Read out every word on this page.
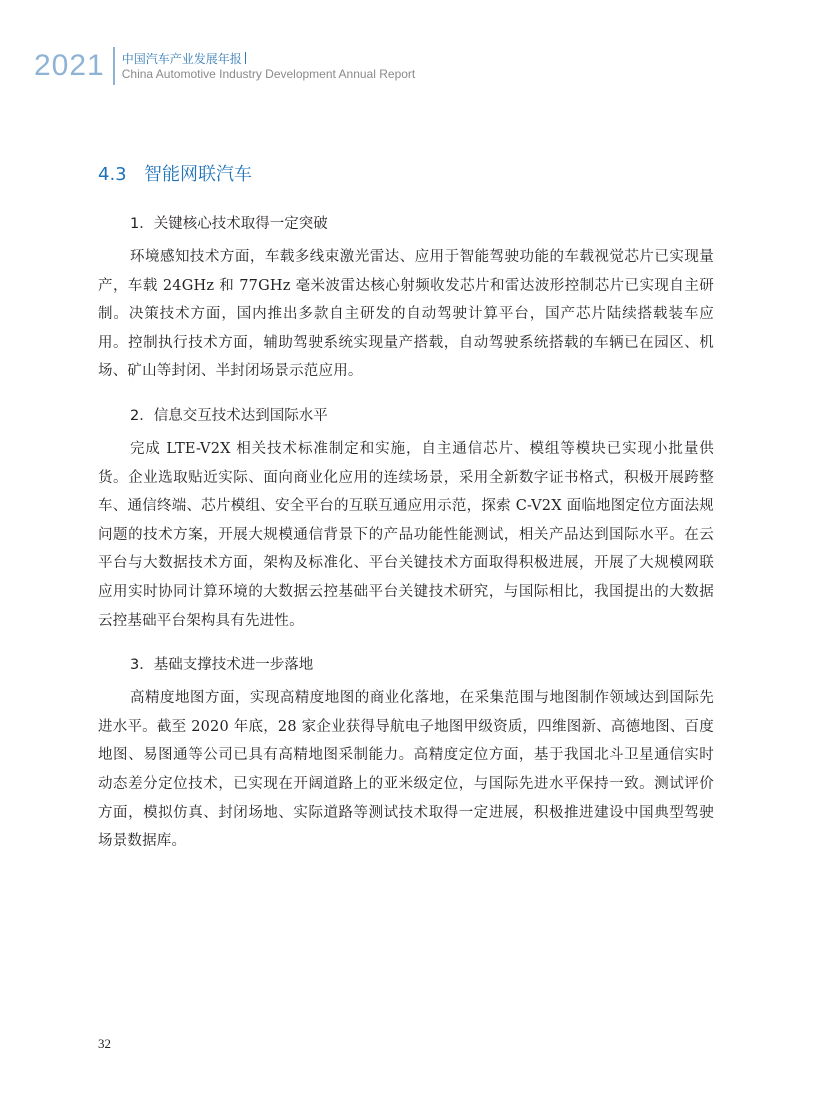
2021 中国汽车产业发展年报
China Automotive Industry Development Annual Report
4.3 智能网联汽车
1．关键核心技术取得一定突破

环境感知技术方面，车载多线束激光雷达、应用于智能驾驶功能的车载视觉芯片已实现量产，车载 24GHz 和 77GHz 毫米波雷达核心射频收发芯片和雷达波形控制芯片已实现自主研制。决策技术方面，国内推出多款自主研发的自动驾驶计算平台，国产芯片陆续搭载装车应用。控制执行技术方面，辅助驾驶系统实现量产搭载，自动驾驶系统搭载的车辆已在园区、机场、矿山等封闭、半封闭场景示范应用。

2．信息交互技术达到国际水平

完成 LTE-V2X 相关技术标准制定和实施，自主通信芯片、模组等模块已实现小批量供货。企业选取贴近实际、面向商业化应用的连续场景，采用全新数字证书格式，积极开展跨整车、通信终端、芯片模组、安全平台的互联互通应用示范，探索 C-V2X 面临地图定位方面法规问题的技术方案，开展大规模通信背景下的产品功能性能测试，相关产品达到国际水平。在云平台与大数据技术方面，架构及标准化、平台关键技术方面取得积极进展，开展了大规模网联应用实时协同计算环境的大数据云控基础平台关键技术研究，与国际相比，我国提出的大数据云控基础平台架构具有先进性。

3．基础支撑技术进一步落地

高精度地图方面，实现高精度地图的商业化落地，在采集范围与地图制作领域达到国际先进水平。截至 2020 年底，28 家企业获得导航电子地图甲级资质，四维图新、高德地图、百度地图、易图通等公司已具有高精地图采制能力。高精度定位方面，基于我国北斗卫星通信实时动态差分定位技术，已实现在开阔道路上的亚米级定位，与国际先进水平保持一致。测试评价方面，模拟仿真、封闭场地、实际道路等测试技术取得一定进展，积极推进建设中国典型驾驶场景数据库。

32
